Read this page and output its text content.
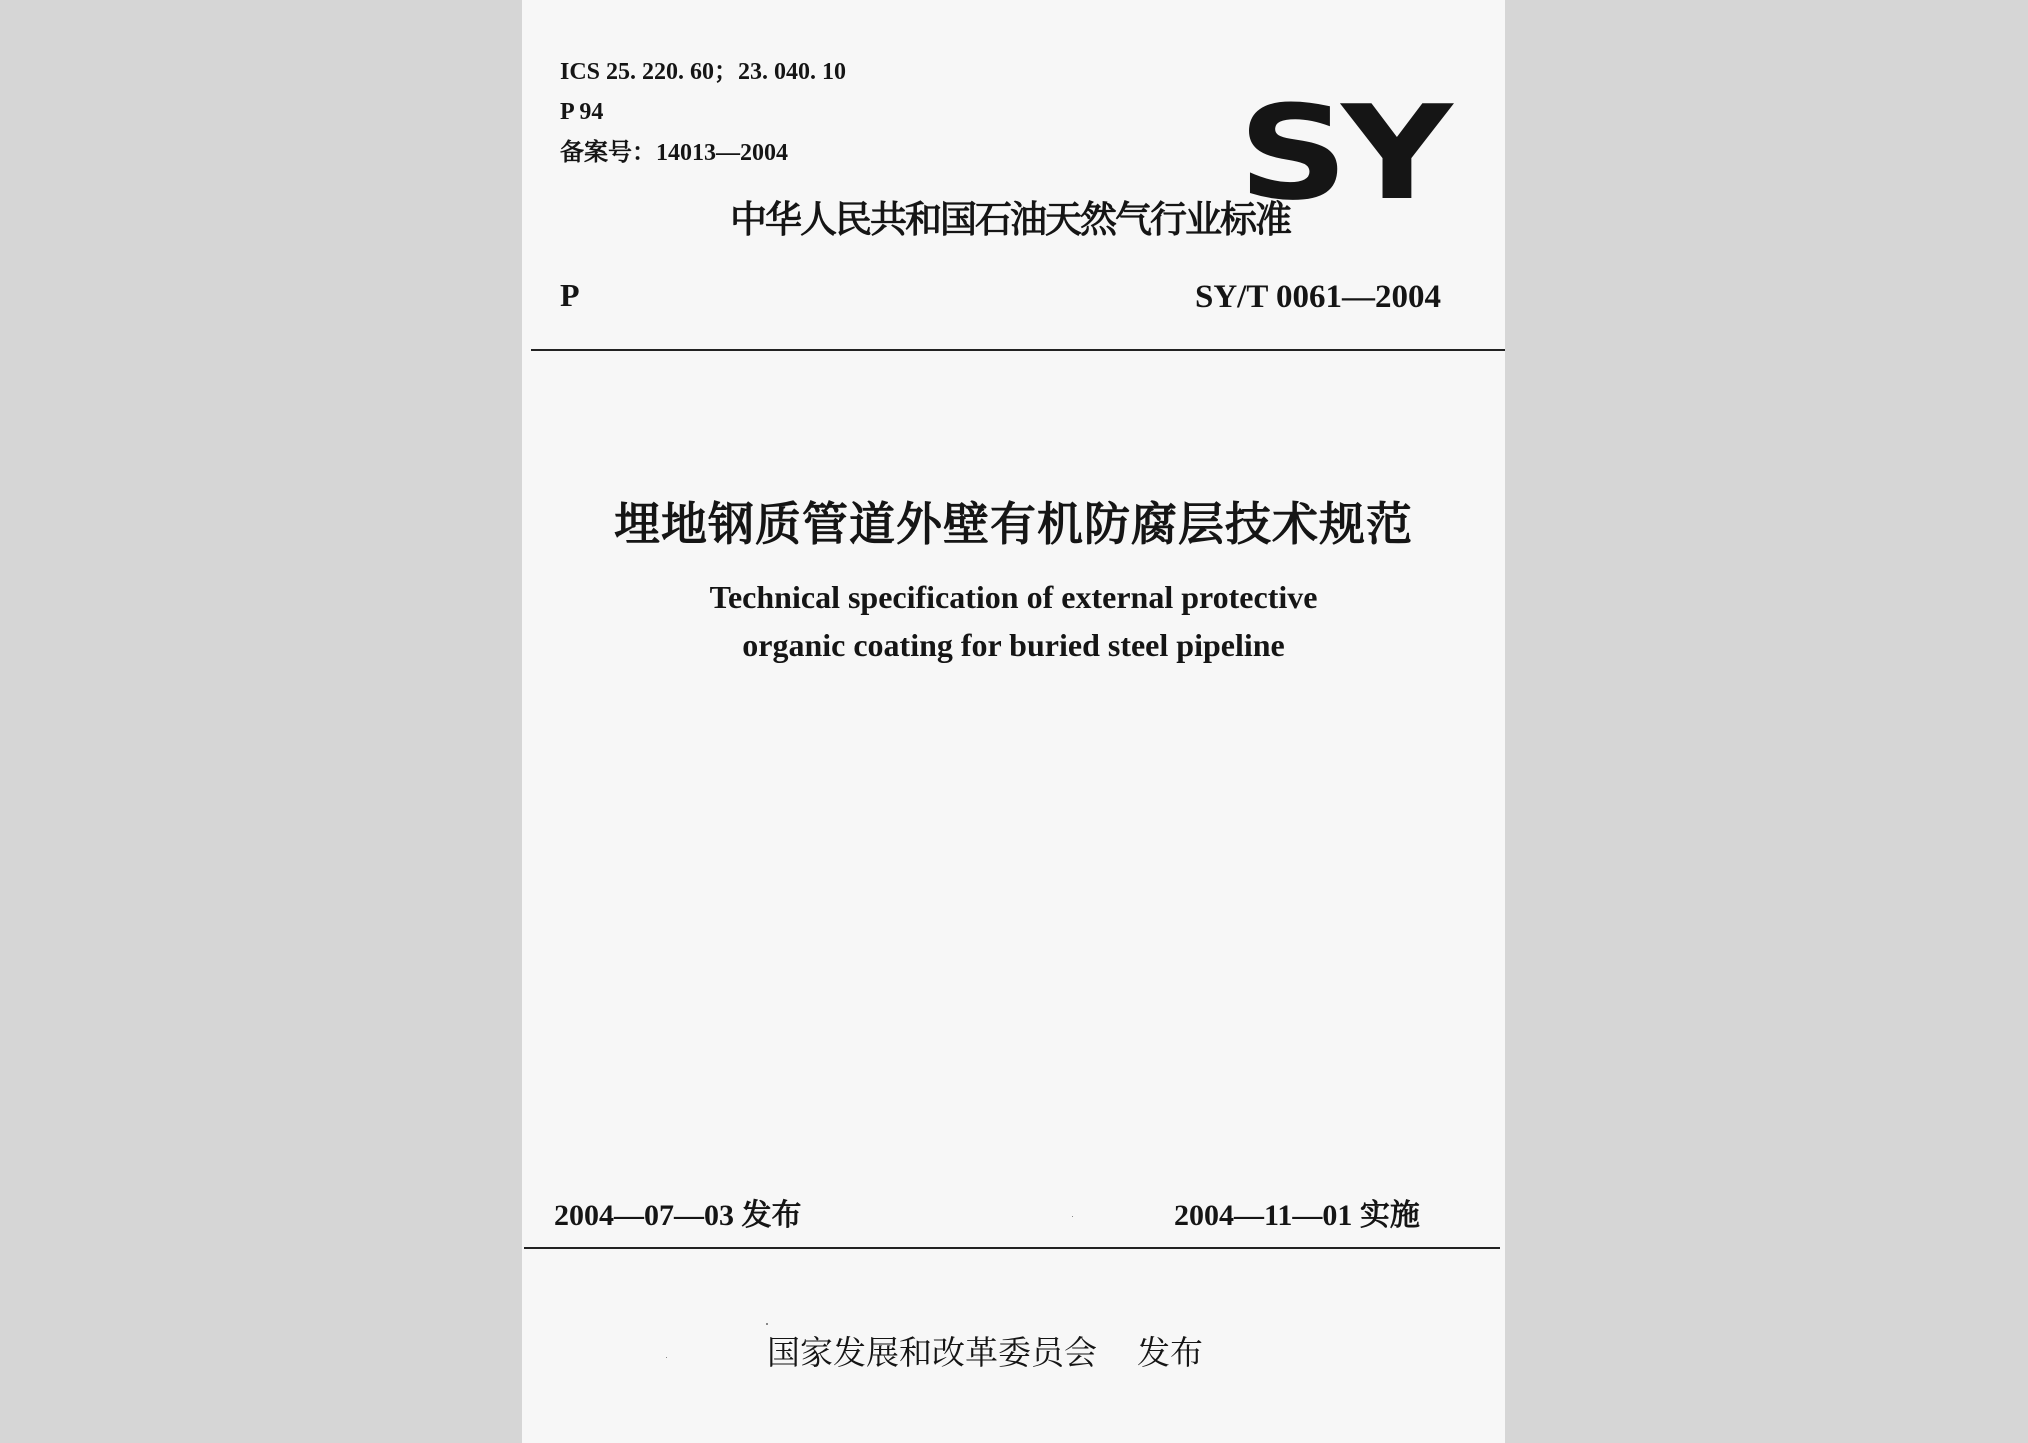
ICS 25. 220. 60；23. 040. 10
P 94
备案号：14013—2004	SY
中华人民共和国石油天然气行业标准
P	SY/T 0061—2004
埋地钢质管道外壁有机防腐层技术规范
Technical specification of external protective
organic coating for buried steel pipeline
2004—07—03 发布	2004—11—01 实施
国家发展和改革委员会 发布
